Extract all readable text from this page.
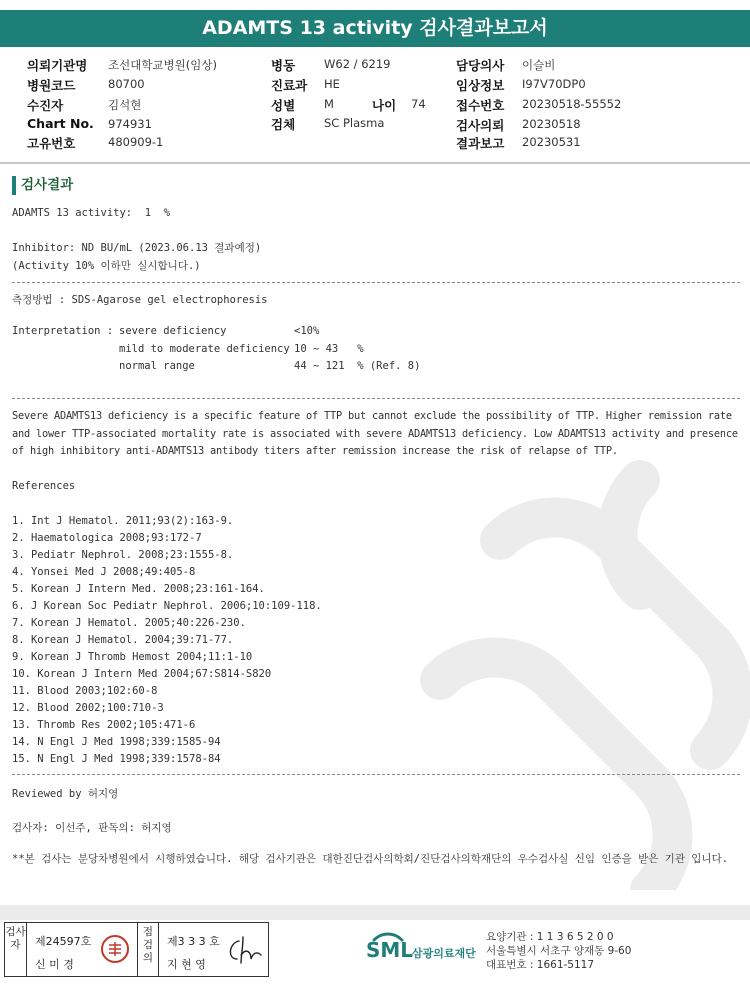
ADAMTS 13 activity 검사결과보고서
의뢰기관명 조선대학교병원(임상)
병원코드	80700
수진자	김석현
Chart No. 974931
고유번호	480909-1
병동	W62 / 6219
진료과 HE
성별	M	나이 74
검체	SC Plasma
담당의사 이슬비
임상정보 I97V70DP0
접수번호 20230518-55552
검사의뢰 20230518
결과보고 20230531
검사결과
ADAMTS 13 activity:  1  %
Inhibitor: ND BU/mL (2023.06.13 결과예정)
(Activity 10% 이하만 실시합니다.)
측정방법 : SDS-Agarose gel electrophoresis
Interpretation : severe deficiency	<10%
mild to moderate deficiency 10 ~ 43   %
normal range	44 ~ 121  % (Ref. 8)
Severe ADAMTS13 deficiency is a specific feature of TTP but cannot exclude the possibility of TTP. Higher remission rate and lower TTP-associated mortality rate is associated with severe ADAMTS13 deficiency. Low ADAMTS13 activity and presence of high inhibitory anti-ADAMTS13 antibody titers after remission increase the risk of relapse of TTP.
References
1. Int J Hematol. 2011;93(2):163-9.
2. Haematologica 2008;93:172-7
3. Pediatr Nephrol. 2008;23:1555-8.
4. Yonsei Med J 2008;49:405-8
5. Korean J Intern Med. 2008;23:161-164.
6. J Korean Soc Pediatr Nephrol. 2006;10:109-118.
7. Korean J Hematol. 2005;40:226-230.
8. Korean J Hematol. 2004;39:71-77.
9. Korean J Thromb Hemost 2004;11:1-10
10. Korean J Intern Med 2004;67:S814-S820
11. Blood 2003;102:60-8
12. Blood 2002;100:710-3
13. Thromb Res 2002;105:471-6
14. N Engl J Med 1998;339:1585-94
15. N Engl J Med 1998;339:1578-84
Reviewed by 허지영
검사자: 이선주, 판독의: 허지영
**본 검사는 분당차병원에서 시행하였습니다. 해당 검사기관은 대한진단검사의학회/진단검사의학재단의 우수검사실 신임 인증을 받은 기관 입니다.
검사자	제24597호
신 미 경
점검의
제3 3 3 호
지 현 영
SML
삼광의료재단
요양기관 : 1 1 3 6 5 2 0 0
서울특별시 서초구 양재동 9-60
대표번호 : 1661-5117
